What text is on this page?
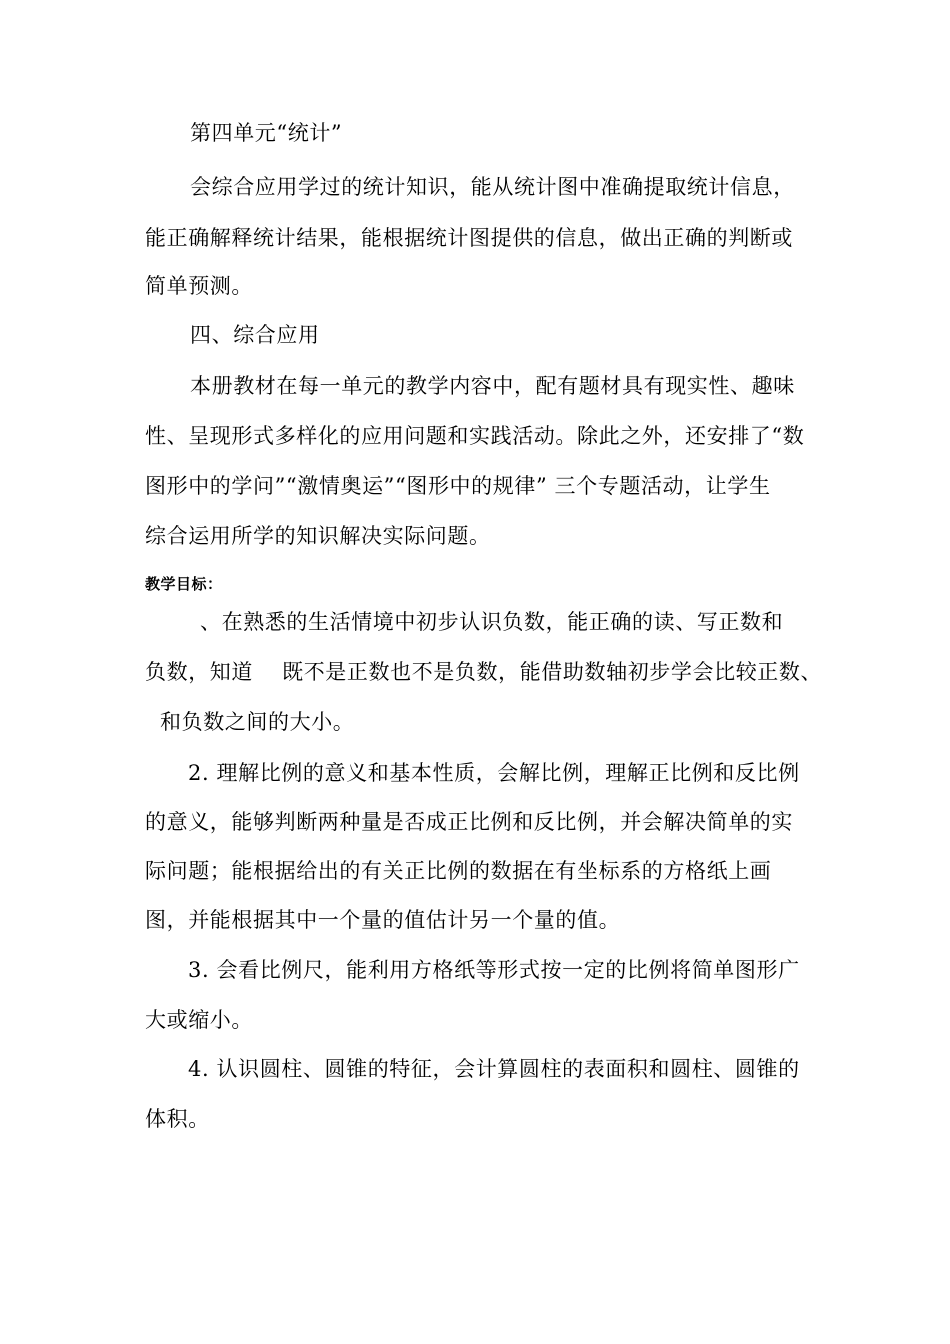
第四单元“统计”
会综合应用学过的统计知识，能从统计图中准确提取统计信息，
能正确解释统计结果，能根据统计图提供的信息，做出正确的判断或
简单预测。
四、综合应用
本册教材在每一单元的教学内容中，配有题材具有现实性、趣味
性、呈现形式多样化的应用问题和实践活动。除此之外，还安排了“数
图形中的学问”“激情奥运”“图形中的规律” 三个专题活动，让学生
综合运用所学的知识解决实际问题。
教学目标：
、在熟悉的生活情境中初步认识负数，能正确的读、写正数和
负数，知道    既不是正数也不是负数，能借助数轴初步学会比较正数、
和负数之间的大小。
2. 理解比例的意义和基本性质，会解比例，理解正比例和反比例
的意义，能够判断两种量是否成正比例和反比例，并会解决简单的实
际问题；能根据给出的有关正比例的数据在有坐标系的方格纸上画
图，并能根据其中一个量的值估计另一个量的值。
3. 会看比例尺，能利用方格纸等形式按一定的比例将简单图形广
大或缩小。
4. 认识圆柱、圆锥的特征，会计算圆柱的表面积和圆柱、圆锥的
体积。
